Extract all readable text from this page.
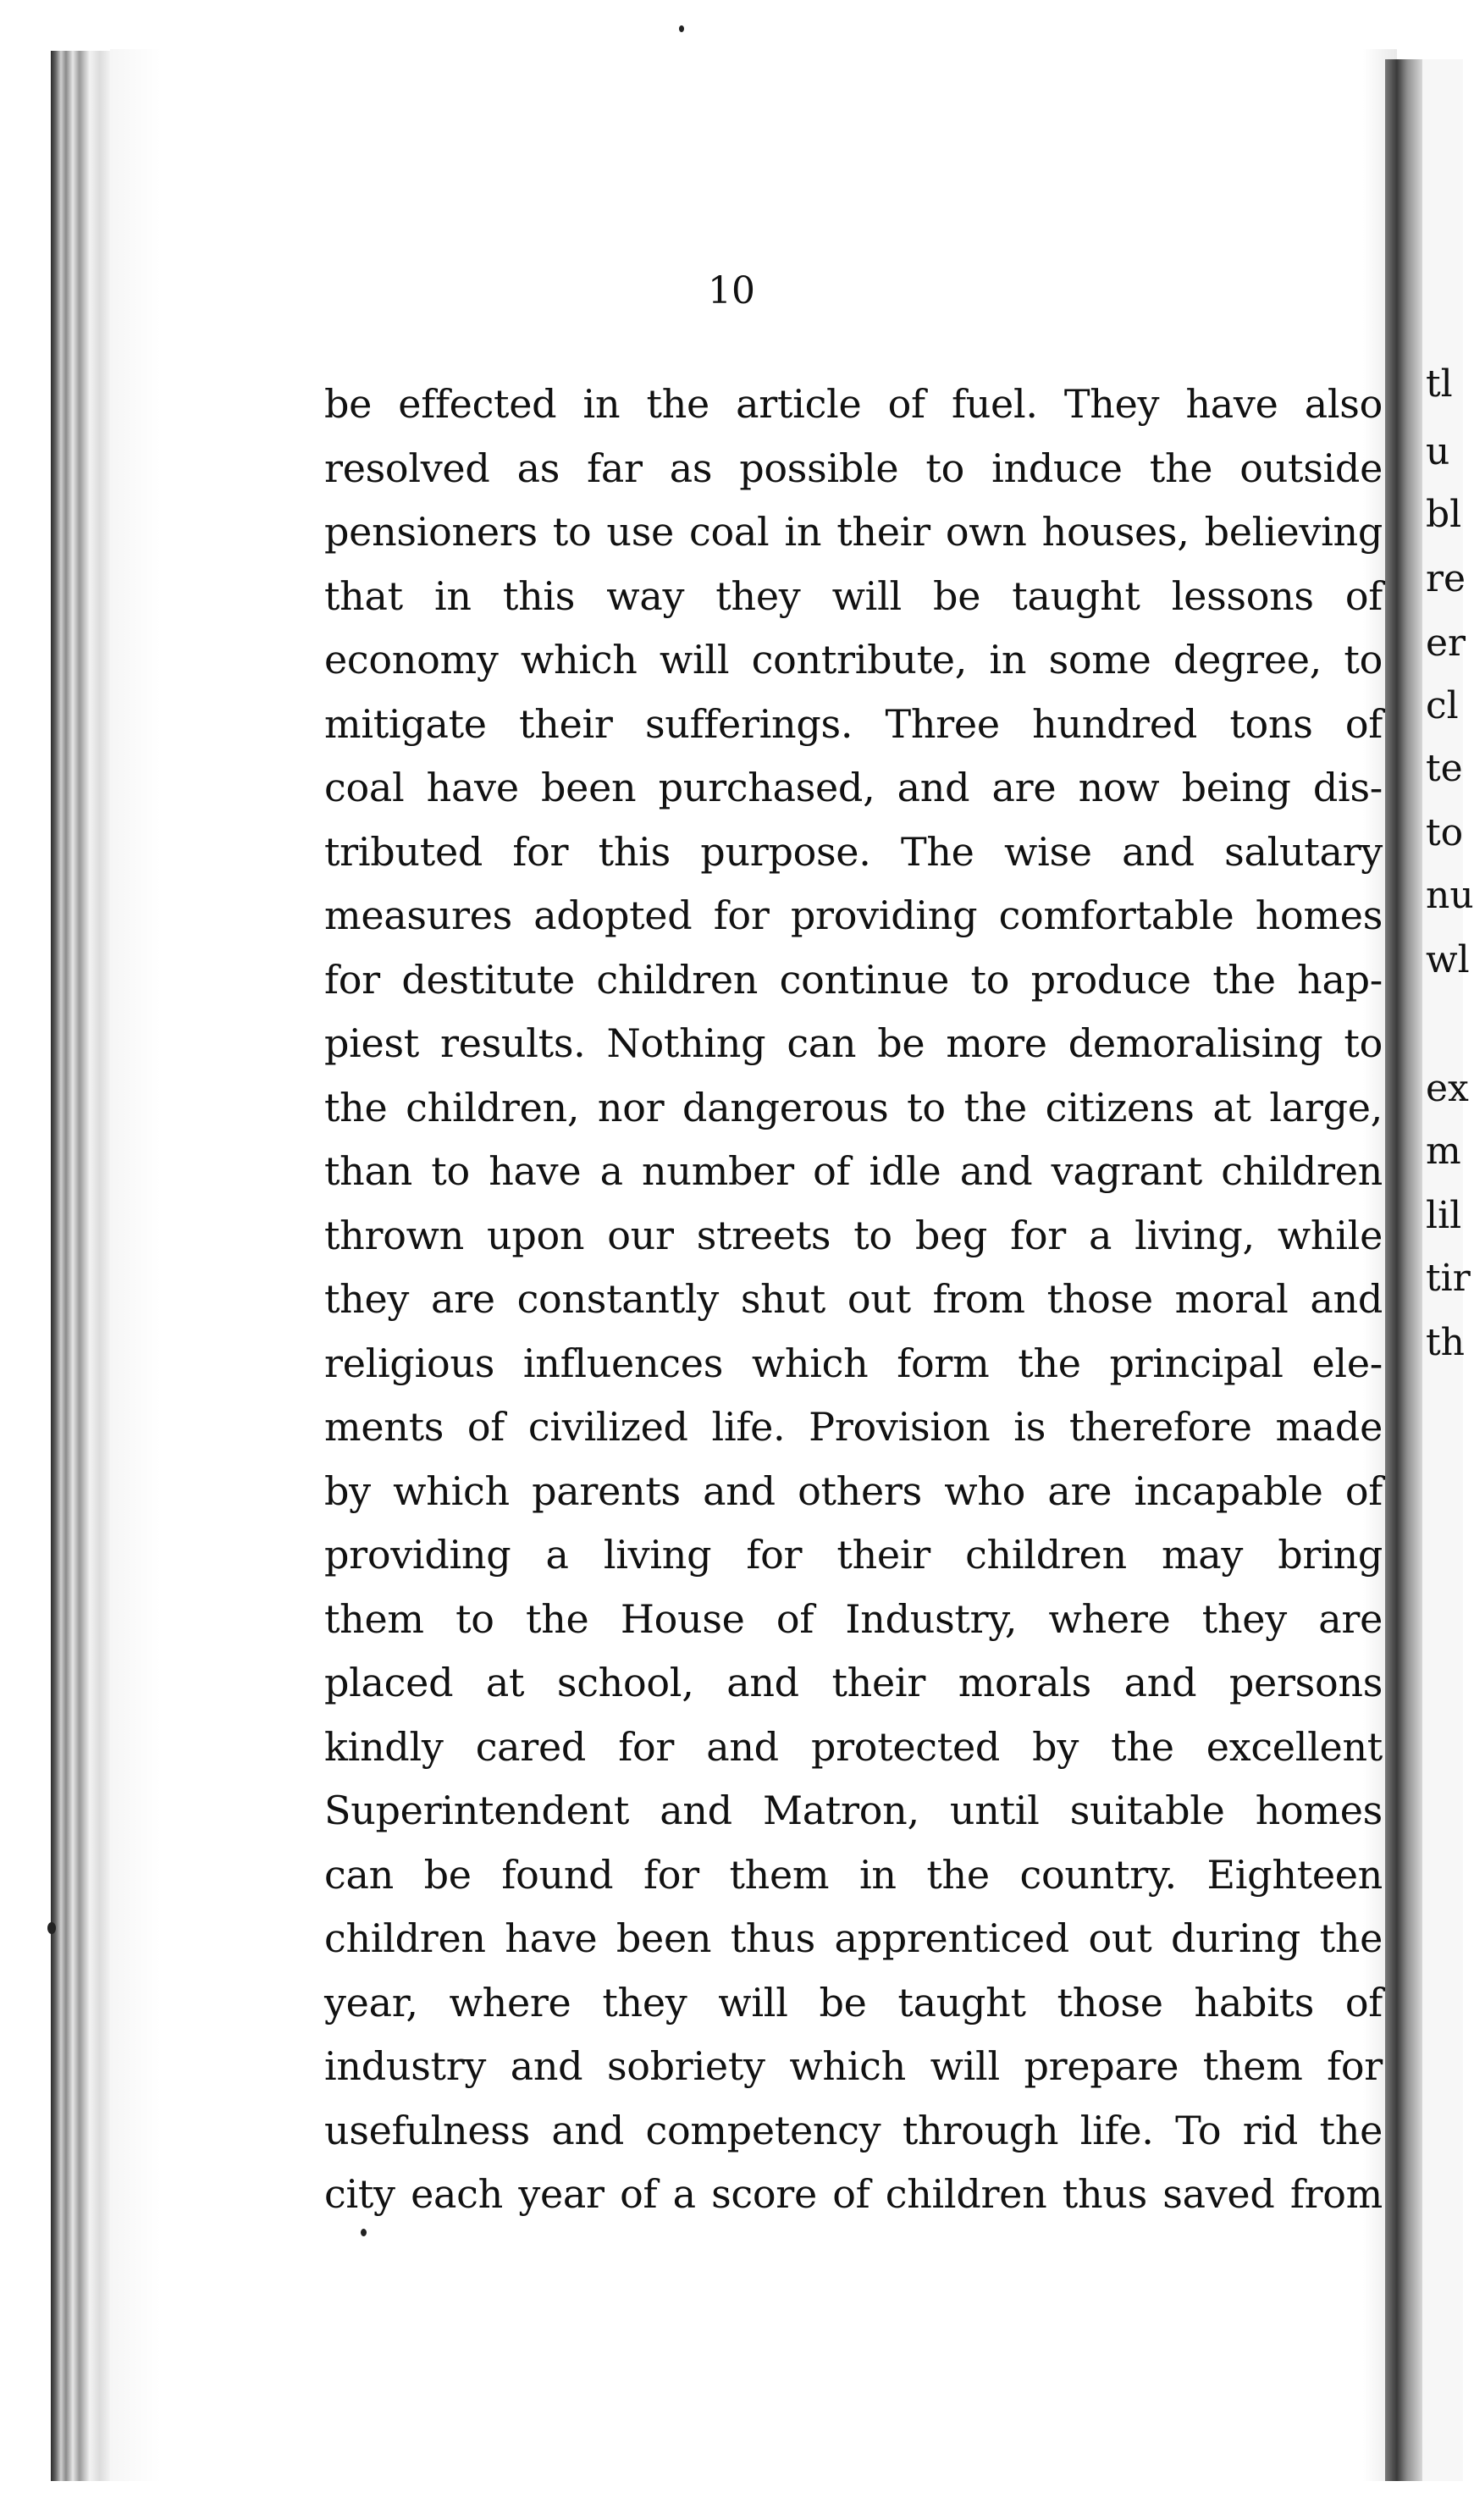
tl
u
bl
re
er
cl
te
to
nu
wl
ex
m
lil
tir
th
10
be effected in the article of fuel. They have also
resolved as far as possible to induce the outside
pensioners to use coal in their own houses, believing
that in this way they will be taught lessons of
economy which will contribute, in some degree, to
mitigate their sufferings. Three hundred tons of
coal have been purchased, and are now being dis-
tributed for this purpose. The wise and salutary
measures adopted for providing comfortable homes
for destitute children continue to produce the hap-
piest results. Nothing can be more demoralising to
the children, nor dangerous to the citizens at large,
than to have a number of idle and vagrant children
thrown upon our streets to beg for a living, while
they are constantly shut out from those moral and
religious influences which form the principal ele-
ments of civilized life. Provision is therefore made
by which parents and others who are incapable of
providing a living for their children may bring
them to the House of Industry, where they are
placed at school, and their morals and persons
kindly cared for and protected by the excellent
Superintendent and Matron, until suitable homes
can be found for them in the country. Eighteen
children have been thus apprenticed out during the
year, where they will be taught those habits of
industry and sobriety which will prepare them for
usefulness and competency through life. To rid the
city each year of a score of children thus saved from
